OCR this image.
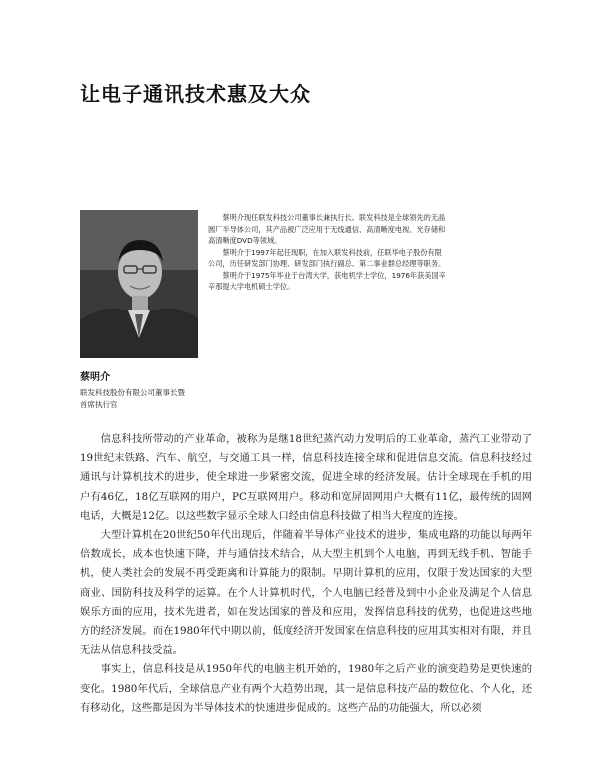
让电子通讯技术惠及大众

蔡明介现任联发科技公司董事长兼执行长。联发科技是全球领先的无晶圆厂半导体公司，其产品被广泛应用于无线通信、高清晰度电视、光存储和高清晰度DVD等领域。

蔡明介于1997年起任现职，在加入联发科技前，任联华电子股份有限公司，历任研发部门协理、研发部门执行副总、第二事业群总经理等职务。

蔡明介于1975年毕业于台湾大学，获电机学士学位，1976年获美国辛辛那提大学电机硕士学位。

蔡明介

联发科技股份有限公司董事长暨

首席执行官

信息科技所带动的产业革命，被称为是继18世纪蒸汽动力发明后的工业革命，蒸汽工业带动了19世纪末铁路、汽车、航空，与交通工具一样，信息科技连接全球和促进信息交流。信息科技经过通讯与计算机技术的进步，使全球进一步紧密交流，促进全球的经济发展。估计全球现在手机的用户有46亿，18亿互联网的用户，PC互联网用户。移动和宽屏固网用户大概有11亿，最传统的固网电话，大概是12亿。以这些数字显示全球人口经由信息科技做了相当大程度的连接。

大型计算机在20世纪50年代出现后，伴随着半导体产业技术的进步，集成电路的功能以每两年倍数成长，成本也快速下降，并与通信技术结合，从大型主机到个人电脑，再到无线手机、智能手机，使人类社会的发展不再受距离和计算能力的限制。早期计算机的应用，仅限于发达国家的大型商业、国防科技及科学的运算。在个人计算机时代，个人电脑已经普及到中小企业及满足个人信息娱乐方面的应用，技术先进者，如在发达国家的普及和应用，发挥信息科技的优势，也促进这些地方的经济发展。而在1980年代中期以前，低度经济开发国家在信息科技的应用其实相对有限，并且无法从信息科技受益。

事实上，信息科技是从1950年代的电脑主机开始的，1980年之后产业的演变趋势是更快速的变化。1980年代后，全球信息产业有两个大趋势出现，其一是信息科技产品的数位化、个人化，还有移动化，这些都是因为半导体技术的快速进步促成的。这些产品的功能强大，所以必须
